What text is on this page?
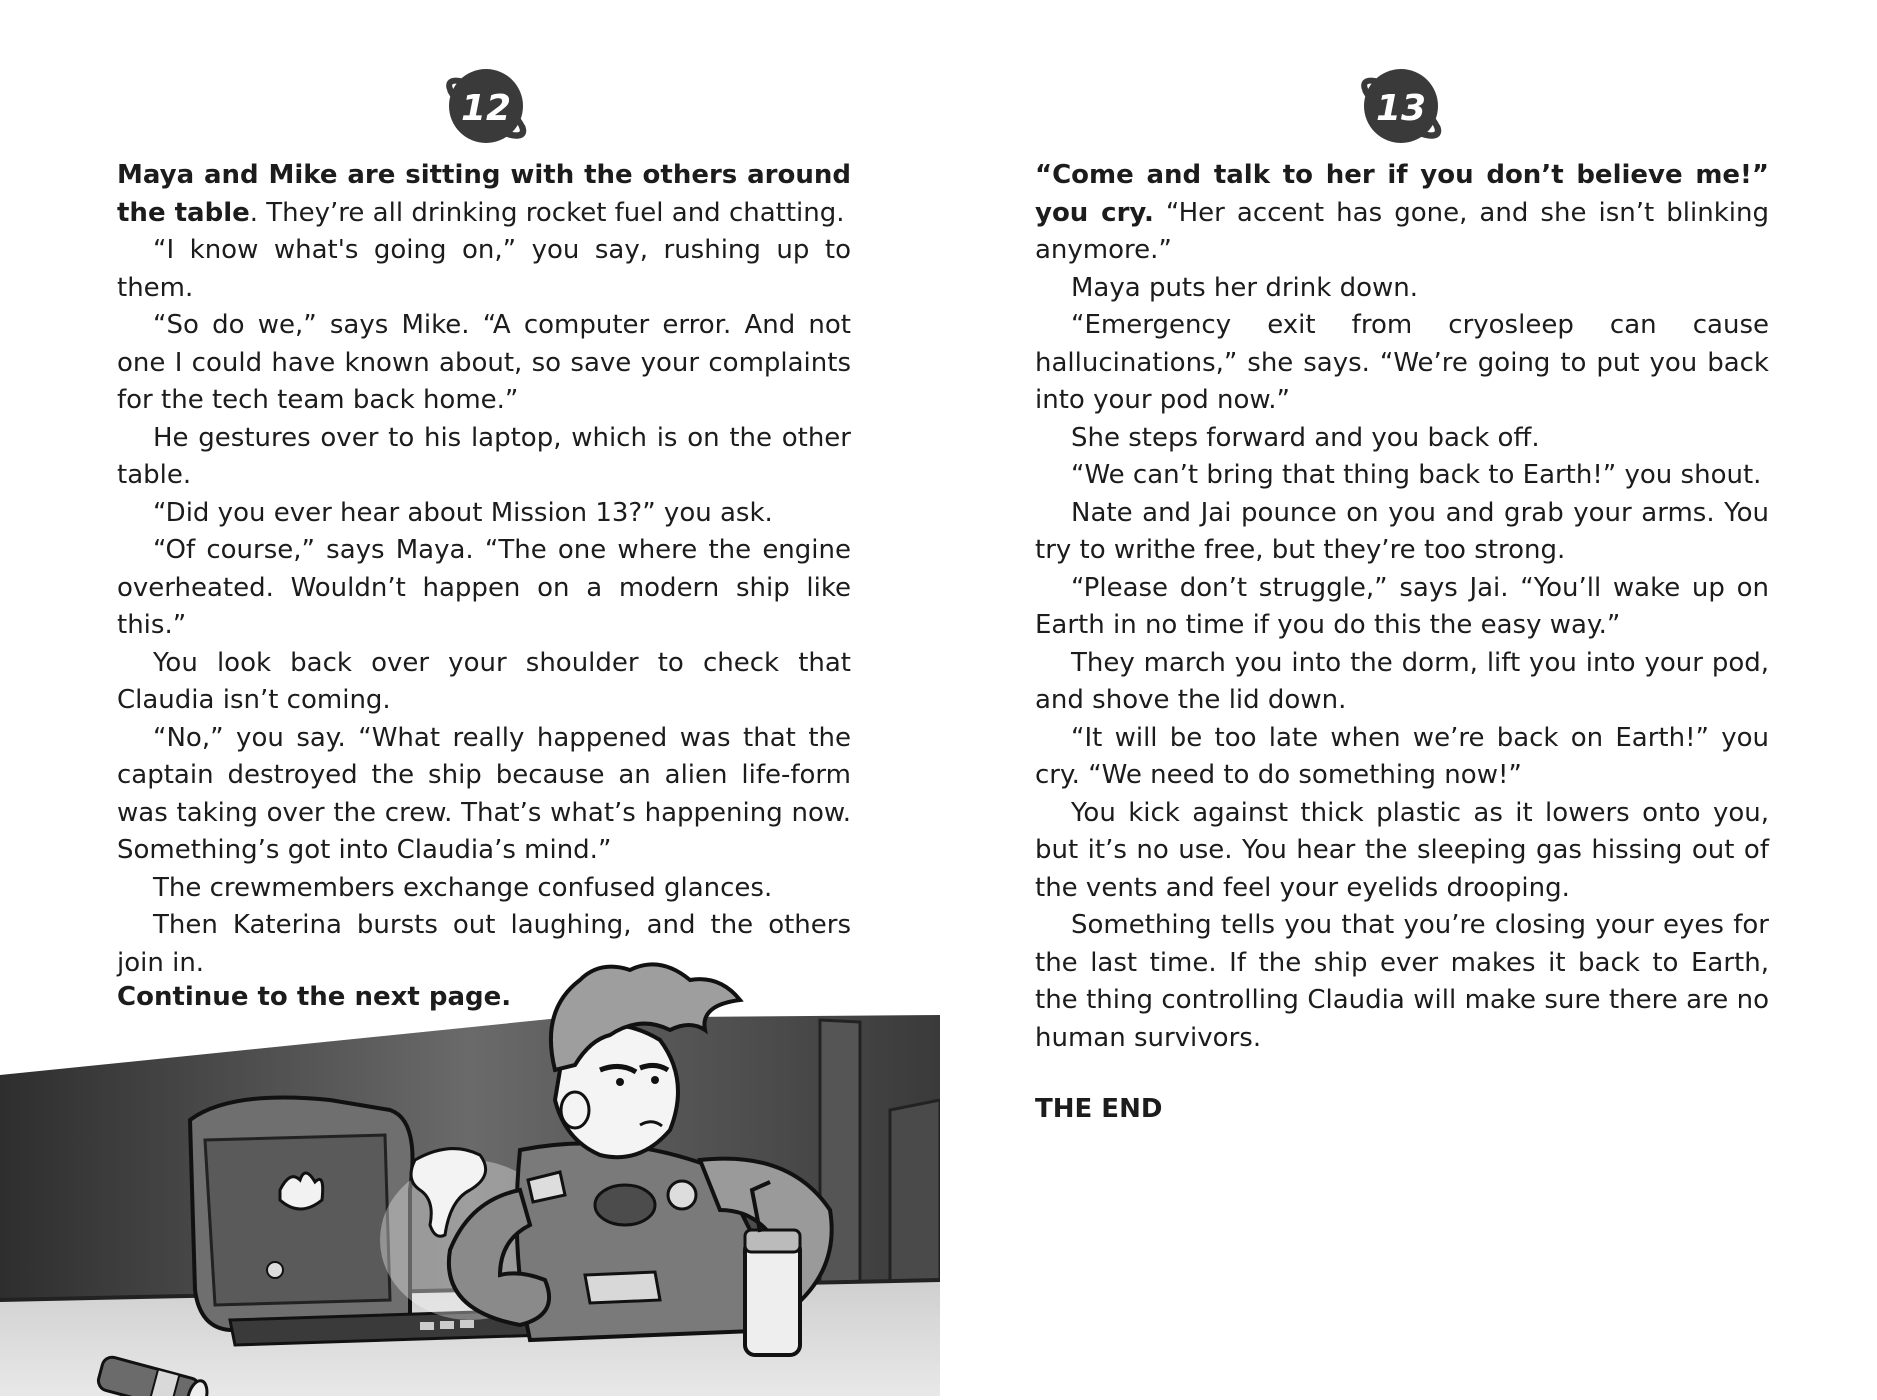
12

Maya and Mike are sitting with the others around the table. They’re all drinking rocket fuel and chatting.

“I know what's going on,” you say, rushing up to them.

“So do we,” says Mike. “A computer error. And not one I could have known about, so save your complaints for the tech team back home.”

He gestures over to his laptop, which is on the other table.

“Did you ever hear about Mission 13?” you ask.

“Of course,” says Maya. “The one where the engine overheated. Wouldn’t happen on a modern ship like this.”

You look back over your shoulder to check that Claudia isn’t coming.

“No,” you say. “What really happened was that the captain destroyed the ship because an alien life-form was taking over the crew. That’s what’s happening now. Something’s got into Claudia’s mind.”

The crewmembers exchange confused glances.

Then Katerina bursts out laughing, and the others join in.

Continue to the next page.
13

“Come and talk to her if you don’t believe me!” you cry. “Her accent has gone, and she isn’t blinking anymore.”

Maya puts her drink down.

“Emergency exit from cryosleep can cause hallucinations,” she says. “We’re going to put you back into your pod now.”

She steps forward and you back off.

“We can’t bring that thing back to Earth!” you shout.

Nate and Jai pounce on you and grab your arms. You try to writhe free, but they’re too strong.

“Please don’t struggle,” says Jai. “You’ll wake up on Earth in no time if you do this the easy way.”

They march you into the dorm, lift you into your pod, and shove the lid down.

“It will be too late when we’re back on Earth!” you cry. “We need to do something now!”

You kick against thick plastic as it lowers onto you, but it’s no use. You hear the sleeping gas hissing out of the vents and feel your eyelids drooping.

Something tells you that you’re closing your eyes for the last time. If the ship ever makes it back to Earth, the thing controlling Claudia will make sure there are no human survivors.

THE END
